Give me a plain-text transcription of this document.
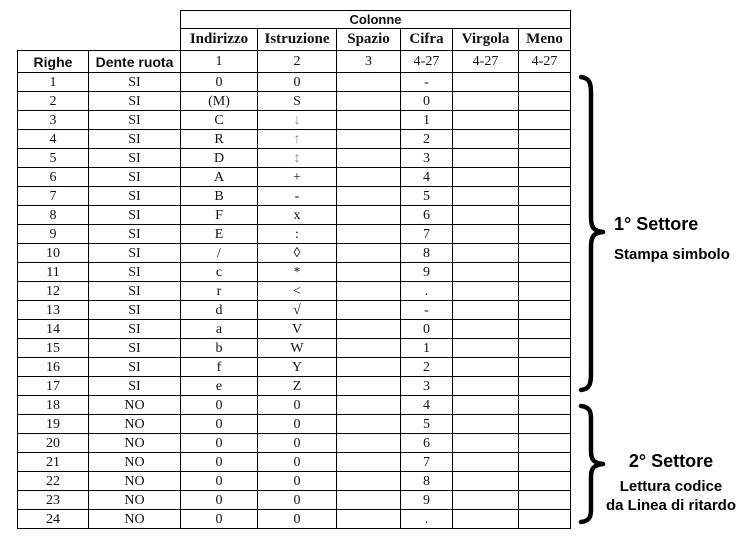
		Colonne					
		Indirizzo	Istruzione	Spazio	Cifra	Virgola	Meno
Righe	Dente ruota	1	2	3	4-27	4-27	4-27
1	SI	0	0		-		
2	SI	(M)	S		0		
3	SI	C	↓		1		
4	SI	R	↑		2		
5	SI	D	↕		3		
6	SI	A	+		4		
7	SI	B	-		5		
8	SI	F	x		6		
9	SI	E	:		7		
10	SI	/	◊		8		
11	SI	c	*		9		
12	SI	r	<		.		
13	SI	d	√		-		
14	SI	a	V		0		
15	SI	b	W		1		
16	SI	f	Y		2		
17	SI	e	Z		3		
18	NO	0	0		4		
19	NO	0	0		5		
20	NO	0	0		6		
21	NO	0	0		7		
22	NO	0	0		8		
23	NO	0	0		9		
24	NO	0	0		.		
1° Settore
Stampa simbolo
2° Settore
Lettura codice
da Linea di ritardo
